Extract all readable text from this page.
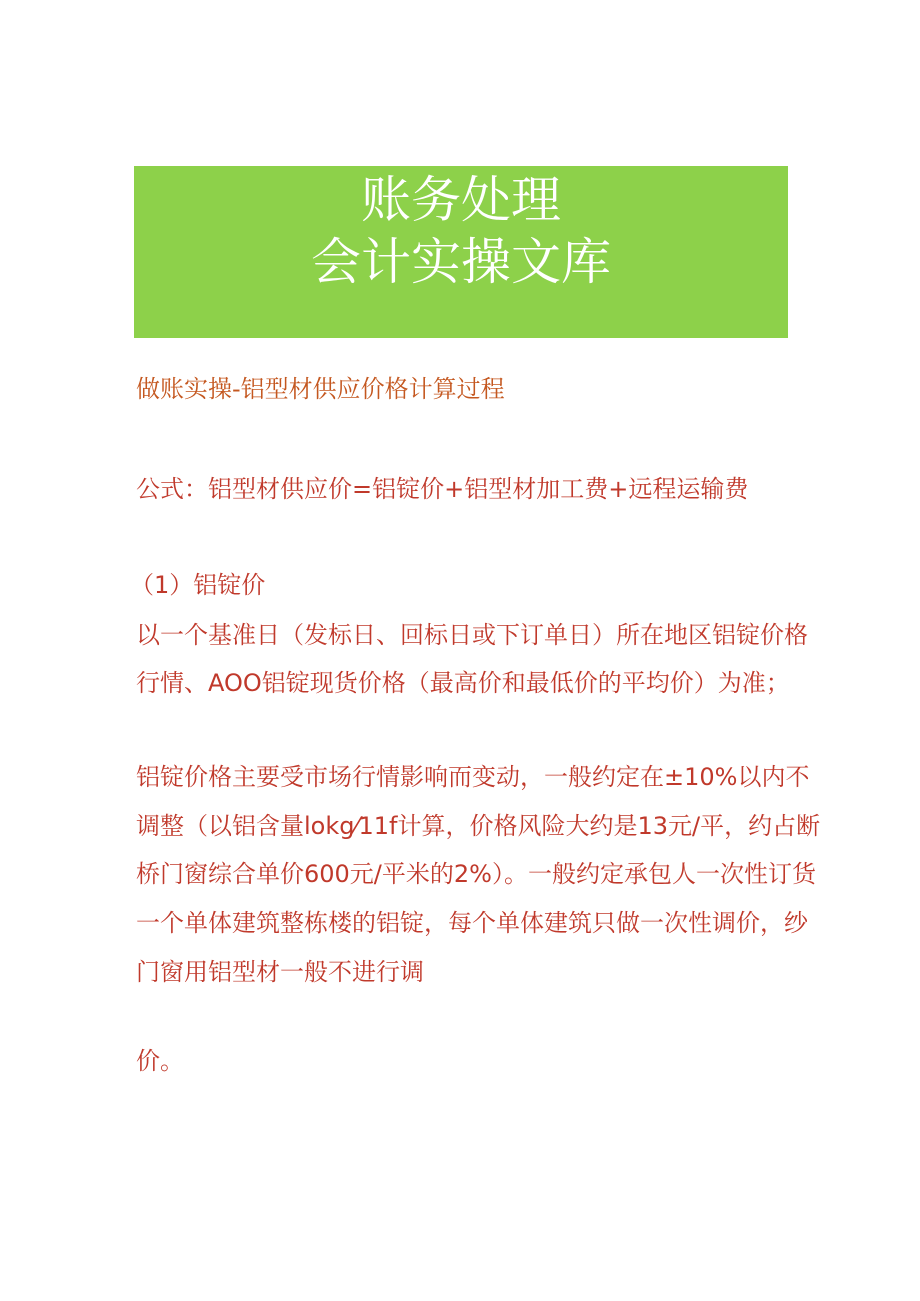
账务处理
会计实操文库
做账实操-铝型材供应价格计算过程
公式：铝型材供应价=铝锭价+铝型材加工费+远程运输费
（1）铝锭价
以一个基准日（发标日、回标日或下订单日）所在地区铝锭价格
行情、AOO铝锭现货价格（最高价和最低价的平均价）为准；
铝锭价格主要受市场行情影响而变动，一般约定在±10%以内不
调整（以铝含量lokg⁄11f计算，价格风险大约是13元/平，约占断
桥门窗综合单价600元/平米的2%）。一般约定承包人一次性订货
一个单体建筑整栋楼的铝锭，每个单体建筑只做一次性调价，纱
门窗用铝型材一般不进行调
价。
